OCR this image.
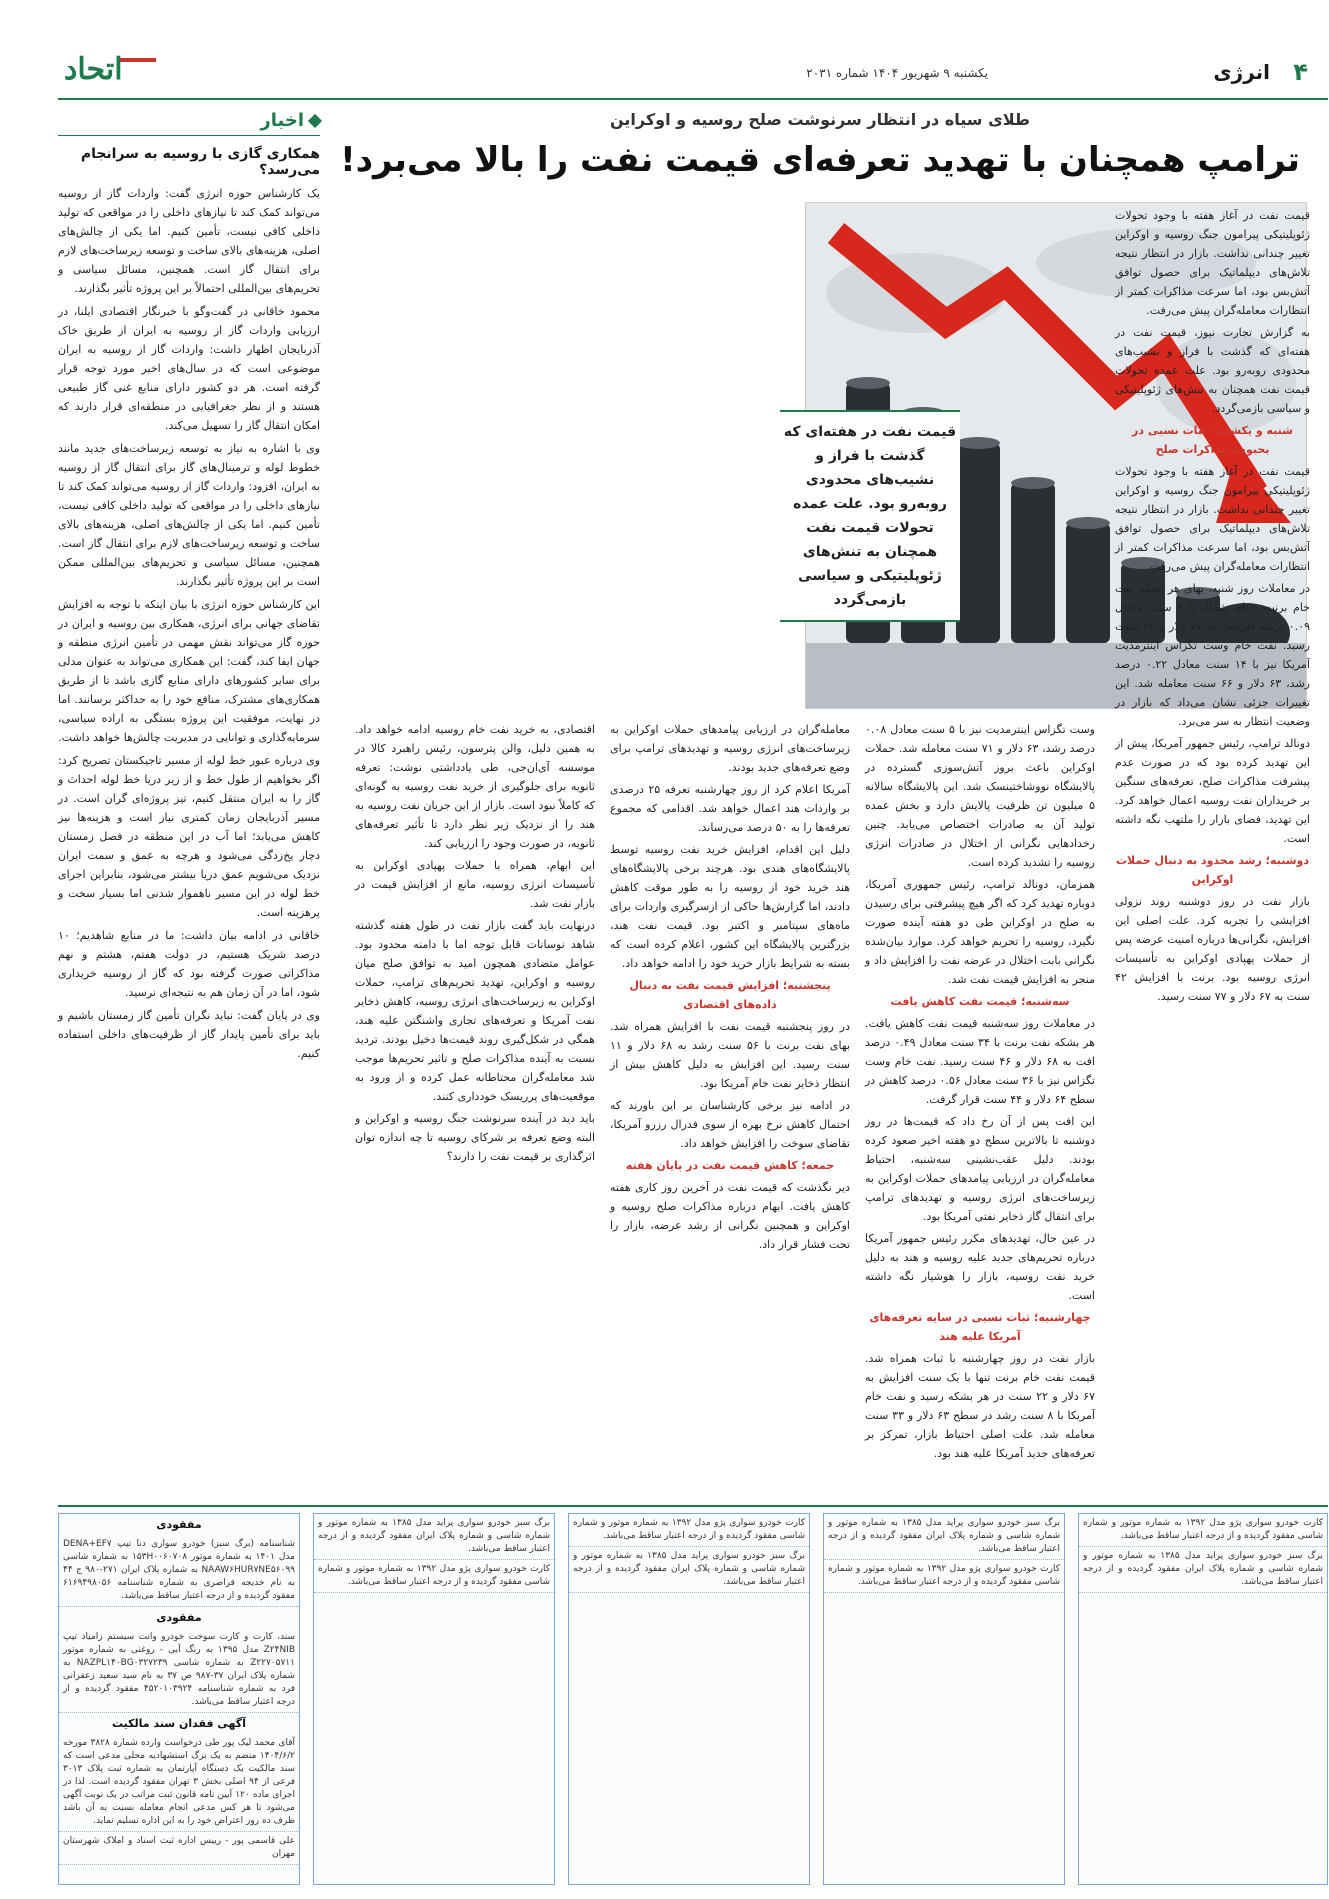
۴
انرژی
یکشنبه ۹ شهریور ۱۴۰۴ شماره ۲۰۳۱
اتحاد
اخبار
همکاری گازی با روسیه به سرانجام می‌رسد؟

یک کارشناس حوزه انرژی گفت: واردات گاز از روسیه می‌تواند کمک کند تا نیازهای داخلی را در مواقعی که تولید داخلی کافی نیست، تأمین کنیم. اما یکی از چالش‌های اصلی، هزینه‌های بالای ساخت و توسعه زیرساخت‌های لازم برای انتقال گاز است. همچنین، مسائل سیاسی و تحریم‌های بین‌المللی احتمالاً بر این پروژه تأثیر بگذارند.

محمود خاقانی در گفت‌وگو با خبرنگار اقتصادی ایلنا، در ارزیابی واردات گاز از روسیه به ایران از طریق خاک آذربایجان اظهار داشت: واردات گاز از روسیه به ایران موضوعی است که در سال‌های اخیر مورد توجه قرار گرفته است. هر دو کشور دارای منابع غنی گاز طبیعی هستند و از نظر جغرافیایی در منطقه‌ای قرار دارند که امکان انتقال گاز را تسهیل می‌کند.

وی با اشاره به نیاز به توسعه زیرساخت‌های جدید مانند خطوط لوله و ترمینال‌های گاز برای انتقال گاز از روسیه به ایران، افزود: واردات گاز از روسیه می‌تواند کمک کند تا نیازهای داخلی را در مواقعی که تولید داخلی کافی نیست، تأمین کنیم. اما یکی از چالش‌های اصلی، هزینه‌های بالای ساخت و توسعه زیرساخت‌های لازم برای انتقال گاز است. همچنین، مسائل سیاسی و تحریم‌های بین‌المللی ممکن است بر این پروژه تأثیر بگذارند.

این کارشناس حوزه انرژی با بیان اینکه با توجه به افزایش تقاضای جهانی برای انرژی، همکاری بین روسیه و ایران در حوزه گاز می‌تواند نقش مهمی در تأمین انرژی منطقه و جهان ایفا کند، گفت: این همکاری می‌تواند به عنوان مدلی برای سایر کشورهای دارای منابع گازی باشد تا از طریق همکاری‌های مشترک، منافع خود را به حداکثر برسانند. اما در نهایت، موفقیت این پروژه بستگی به اراده سیاسی، سرمایه‌گذاری و توانایی در مدیریت چالش‌ها خواهد داشت.

وی درباره عبور خط لوله از مسیر تاجیکستان تصریح کرد: اگر بخواهیم از طول خط و از زیر دریا خط لوله احداث و گاز را به ایران منتقل کنیم، تیز پروژه‌ای گران است. در مسیر آذربایجان زمان کمتری نیاز است و هزینه‌ها نیز کاهش می‌یابد؛ اما آب در این منطقه در فصل زمستان دچار یخ‌زدگی می‌شود و هرچه به عمق و سمت ایران نزدیک می‌شویم عمق دریا بیشتر می‌شود، بنابراین اجرای خط لوله در این مسیر ناهموار شدنی اما بسیار سخت و پرهزینه است.

خاقانی در ادامه بیان داشت: ما در منابع شاهدیم؛ ۱۰ درصد شریک هستیم، در دولت هفتم، هشتم و نهم مذاکراتی صورت گرفته بود که گاز از روسیه خریداری شود، اما در آن زمان هم به نتیجه‌ای نرسید.

وی در پایان گفت: نباید نگران تأمین گاز زمستان باشیم و باید برای تأمین پایدار گاز از ظرفیت‌های داخلی استفاده کنیم.

طلای سیاه در انتظار سرنوشت صلح روسیه و اوکراین
ترامپ همچنان با تهدید تعرفه‌ای قیمت نفت را بالا می‌برد!
قیمت نفت در هفته‌ای که گذشت با فراز و نشیب‌های محدودی روبه‌رو بود. علت عمده تحولات قیمت نفت همچنان به تنش‌های ژئوپلیتیکی و سیاسی بازمی‌گردد

قیمت نفت در آغاز هفته با وجود تحولات ژئوپلیتیکی پیرامون جنگ روسیه و اوکراین تغییر چندانی نداشت. بازار در انتظار نتیجه تلاش‌های دیپلماتیک برای حصول توافق آتش‌بس بود، اما سرعت مذاکرات کمتر از انتظارات معامله‌گران پیش می‌رفت.

به گزارش تجارت نیوز، قیمت نفت در هفته‌ای که گذشت با فراز و نشیب‌های محدودی روبه‌رو بود. علت عمده تحولات قیمت نفت همچنان به تنش‌های ژئوپلیتیکی و سیاسی بازمی‌گردد.

شنبه و یکشنبه؛ ثبات نسبی در بحبوحه مذاکرات صلح

قیمت نفت در آغاز هفته با وجود تحولات ژئوپلیتیکی پیرامون جنگ روسیه و اوکراین تغییر چندانی نداشت. بازار در انتظار نتیجه تلاش‌های دیپلماتیک برای حصول توافق آتش‌بس بود، اما سرعت مذاکرات کمتر از انتظارات معامله‌گران پیش می‌رفت.

در معاملات روز شنبه، بهای هر بشکه نفت خام برنت درپای شمال با ۹ سنت معادل ۰.۰۹ درصد افزایش به ۶۷ دلار و ۷۳ سنت رسید. نفت خام وست تگزاس اینترمدیت آمریکا نیز با ۱۴ سنت معادل ۰.۲۲ درصد رشد، ۶۳ دلار و ۶۶ سنت معامله شد. این تغییرات جزئی نشان می‌داد که بازار در وضعیت انتظار به سر می‌برد.

دونالد ترامپ، رئیس جمهور آمریکا، پیش از این تهدید کرده بود که در صورت عدم پیشرفت مذاکرات صلح، تعرفه‌های سنگین بر خریداران نفت روسیه اعمال خواهد کرد. این تهدید، فضای بازار را ملتهب نگه داشته است.

دوشنبه؛ رشد محدود به دنبال حملات اوکراین

بازار نفت در روز دوشنبه روند نزولی افزایشی را تجربه کرد. علت اصلی این افزایش، نگرانی‌ها درباره امنیت عرضه پس از حملات پهپادی اوکراین به تأسیسات انرژی روسیه بود. برنت با افزایش ۴۲ سنت به ۶۷ دلار و ۷۷ سنت رسید.

وست تگزاس اینترمدیت نیز با ۵ سنت معادل ۰.۰۸ درصد رشد، ۶۳ دلار و ۷۱ سنت معامله شد. حملات اوکراین باعث بروز آتش‌سوزی گسترده در پالایشگاه نووشاختینسک شد. این پالایشگاه سالانه ۵ میلیون تن ظرفیت پالایش دارد و بخش عمده تولید آن به صادرات اختصاص می‌یابد. چنین رخدادهایی نگرانی از اختلال در صادرات انرژی روسیه را تشدید کرده است.

همزمان، دونالد ترامپ، رئیس جمهوری آمریکا، دوباره تهدید کرد که اگر هیچ پیشرفتی برای رسیدن به صلح در اوکراین طی دو هفته آینده صورت نگیرد، روسیه را تحریم خواهد کرد. موارد بیان‌شده نگرانی بابت اختلال در عرضه نفت را افزایش داد و منجر به افزایش قیمت نفت شد.

سه‌شنبه؛ قیمت نفت کاهش یافت

در معاملات روز سه‌شنبه قیمت نفت کاهش یافت. هر بشکه نفت برنت با ۳۴ سنت معادل ۰.۴۹ درصد افت به ۶۸ دلار و ۴۶ سنت رسید. نفت خام وست تگزاس نیز با ۳۶ سنت معادل ۰.۵۶ درصد کاهش در سطح ۶۴ دلار و ۴۴ سنت قرار گرفت.

این افت پس از آن رخ داد که قیمت‌ها در روز دوشنبه تا بالاترین سطح دو هفته اخیر صعود کرده بودند. دلیل عقب‌نشینی سه‌شنبه، احتیاط معامله‌گران در ارزیابی پیامدهای حملات اوکراین به زیرساخت‌های انرژی روسیه و تهدیدهای ترامپ برای انتقال گاز ذخایر نفتی آمریکا بود.

در عین حال، تهدیدهای مکرر رئیس جمهور آمریکا درباره تحریم‌های جدید علیه روسیه و هند به دلیل خرید نفت روسیه، بازار را هوشیار نگه داشته است.

چهارشنبه؛ ثبات نسبی در سایه تعرفه‌های آمریکا علیه هند

بازار نفت در روز چهارشنبه با ثبات همراه شد. قیمت نفت خام برنت تنها با یک سنت افزایش به ۶۷ دلار و ۲۲ سنت در هر بشکه رسید و نفت خام آمریکا با ۸ سنت رشد در سطح ۶۳ دلار و ۳۳ سنت معامله شد. علت اصلی احتیاط بازار، تمرکز بر تعرفه‌های جدید آمریکا علیه هند بود.

معامله‌گران در ارزیابی پیامدهای حملات اوکراین به زیرساخت‌های انرژی روسیه و تهدیدهای ترامپ برای وضع تعرفه‌های جدید بودند.

آمریکا اعلام کرد از روز چهارشنبه تعرفه ۲۵ درصدی بر واردات هند اعمال خواهد شد. اقدامی که مجموع تعرفه‌ها را به ۵۰ درصد می‌رساند.

دلیل این اقدام، افزایش خرید نفت روسیه توسط پالایشگاه‌های هندی بود. هرچند برخی پالایشگاه‌های هند خرید خود از روسیه را به طور موقت کاهش دادند، اما گزارش‌ها حاکی از ازسرگیری واردات برای ماه‌های سپتامبر و اکتبر بود. قیمت نفت هند، بزرگترین پالایشگاه این کشور، اعلام کرده است که بسته به شرایط بازار خرید خود را ادامه خواهد داد.

پنجشنبه؛ افزایش قیمت نفت به دنبال داده‌های اقتصادی

در روز پنجشنبه قیمت نفت با افزایش همراه شد. بهای نفت برنت با ۵۶ سنت رشد به ۶۸ دلار و ۱۱ سنت رسید. این افزایش به دلیل کاهش بیش از انتظار ذخایر نفت خام آمریکا بود.

در ادامه نیز برخی کارشناسان بر این باورند که احتمال کاهش نرخ بهره از سوی فدرال رزرو آمریکا، تقاضای سوخت را افزایش خواهد داد.

جمعه؛ کاهش قیمت نفت در پایان هفته

دیر نگذشت که قیمت نفت در آخرین روز کاری هفته کاهش یافت. ابهام درباره مذاکرات صلح روسیه و اوکراین و همچنین نگرانی از رشد عرضه، بازار را تحت فشار قرار داد.

اقتصادی، به خرید نفت خام روسیه ادامه خواهد داد. به همین دلیل، والن پترسون، رئیس راهبرد کالا در موسسه آی‌ان‌جی، طی یادداشتی نوشت: تعرفه ثانویه برای جلوگیری از خرید نفت روسیه به گونه‌ای که کاملاً نبود است. بازار از این جریان نفت روسیه به هند را از نزدیک زیر نظر دارد تا تأثیر تعرفه‌های ثانویه، در صورت وجود را ارزیابی کند.

این ابهام، همراه با حملات پهپادی اوکراین به تأسیسات انرژی روسیه، مانع از افزایش قیمت در بازار نفت شد.

درنهایت باید گفت بازار نفت در طول هفته گذشته شاهد نوسانات قابل توجه اما با دامنه محدود بود. عوامل متضادی همچون امید به توافق صلح میان روسیه و اوکراین، تهدید تحریم‌های ترامپ، حملات اوکراین به زیرساخت‌های انرژی روسیه، کاهش ذخایر نفت آمریکا و تعرفه‌های تجاری واشنگتن علیه هند، همگی در شکل‌گیری روند قیمت‌ها دخیل بودند. تردید نسبت به آینده مذاکرات صلح و تاثیر تحریم‌ها موجب شد معامله‌گران محتاطانه عمل کرده و از ورود به موقعیت‌های پرریسک خودداری کنند.

باید دید در آینده سرنوشت جنگ روسیه و اوکراین و البته وضع تعرفه بر شرکای روسیه تا چه اندازه توان اثرگذاری بر قیمت نفت را دارند؟

مفقودی
شناسنامه (برگ سبز) خودرو سواری دنا تیپ DENA+EF۷ مدل ۱۴۰۱ به شماره موتور ۱۵۳H۰۰۶۰۷۰۸ به شماره شاسی NAAW۶HUR۷NE۵۶۰۹۹ به شماره پلاک ایران ۲۷۱-۹۸۰ ج ۴۴ به نام خدیجه فراصری به شماره شناسنامه ۶۱۶۹۴۹۸۰۵۶ مفقود گردیده و از درجه اعتبار ساقط می‌باشد.
مفقودی
سند، کارت و کارت سوخت خودرو وانت سیستم زامیاد تیپ Z۲۴NIB مدل ۱۳۹۵ به رنگ آبی - روغنی به شماره موتور Z۲۲۷۰۵۷۱۱ به شماره شاسی NAZPL۱۴۰BG۰۳۲۷۲۳۹ به شماره پلاک ایران ۳۷-۹۸۷ ص ۳۷ به نام سید سعید زعفرانی فرد به شماره شناسنامه ۴۵۲۰۱۰۳۹۲۴ مفقود گردیده و از درجه اعتبار ساقط می‌باشد.
آگهی فقدان سند مالکیت
آقای محمد لیک پور طی درخواست وارده شماره ۳۸۲۸ مورخه ۱۴۰۴/۶/۲ منضم به یک برگ استشهادیه محلی مدعی است که سند مالکیت یک دستگاه آپارتمان به شماره ثبت پلاک ۳۰۱۳ فرعی از ۹۴ اصلی بخش ۳ تهران مفقود گردیده است. لذا در اجرای ماده ۱۲۰ آیین نامه قانون ثبت مراتب در یک نوبت آگهی می‌شود تا هر کس مدعی انجام معامله نسبت به آن باشد ظرف ده روز اعتراض خود را به این اداره تسلیم نماید.
علی قاسمی پور - رییس اداره ثبت اسناد و املاک شهرستان مهران
برگ سبز خودرو سواری پراید مدل ۱۳۸۵ به شماره موتور و شماره شاسی و شماره پلاک ایران مفقود گردیده و از درجه اعتبار ساقط می‌باشد.
کارت خودرو سواری پژو مدل ۱۳۹۲ به شماره موتور و شماره شاسی مفقود گردیده و از درجه اعتبار ساقط می‌باشد.
کارت خودرو سواری پژو مدل ۱۳۹۲ به شماره موتور و شماره شاسی مفقود گردیده و از درجه اعتبار ساقط می‌باشد.
برگ سبز خودرو سواری پراید مدل ۱۳۸۵ به شماره موتور و شماره شاسی و شماره پلاک ایران مفقود گردیده و از درجه اعتبار ساقط می‌باشد.
برگ سبز خودرو سواری پراید مدل ۱۳۸۵ به شماره موتور و شماره شاسی و شماره پلاک ایران مفقود گردیده و از درجه اعتبار ساقط می‌باشد.
کارت خودرو سواری پژو مدل ۱۳۹۲ به شماره موتور و شماره شاسی مفقود گردیده و از درجه اعتبار ساقط می‌باشد.
کارت خودرو سواری پژو مدل ۱۳۹۲ به شماره موتور و شماره شاسی مفقود گردیده و از درجه اعتبار ساقط می‌باشد.
برگ سبز خودرو سواری پراید مدل ۱۳۸۵ به شماره موتور و شماره شاسی و شماره پلاک ایران مفقود گردیده و از درجه اعتبار ساقط می‌باشد.
